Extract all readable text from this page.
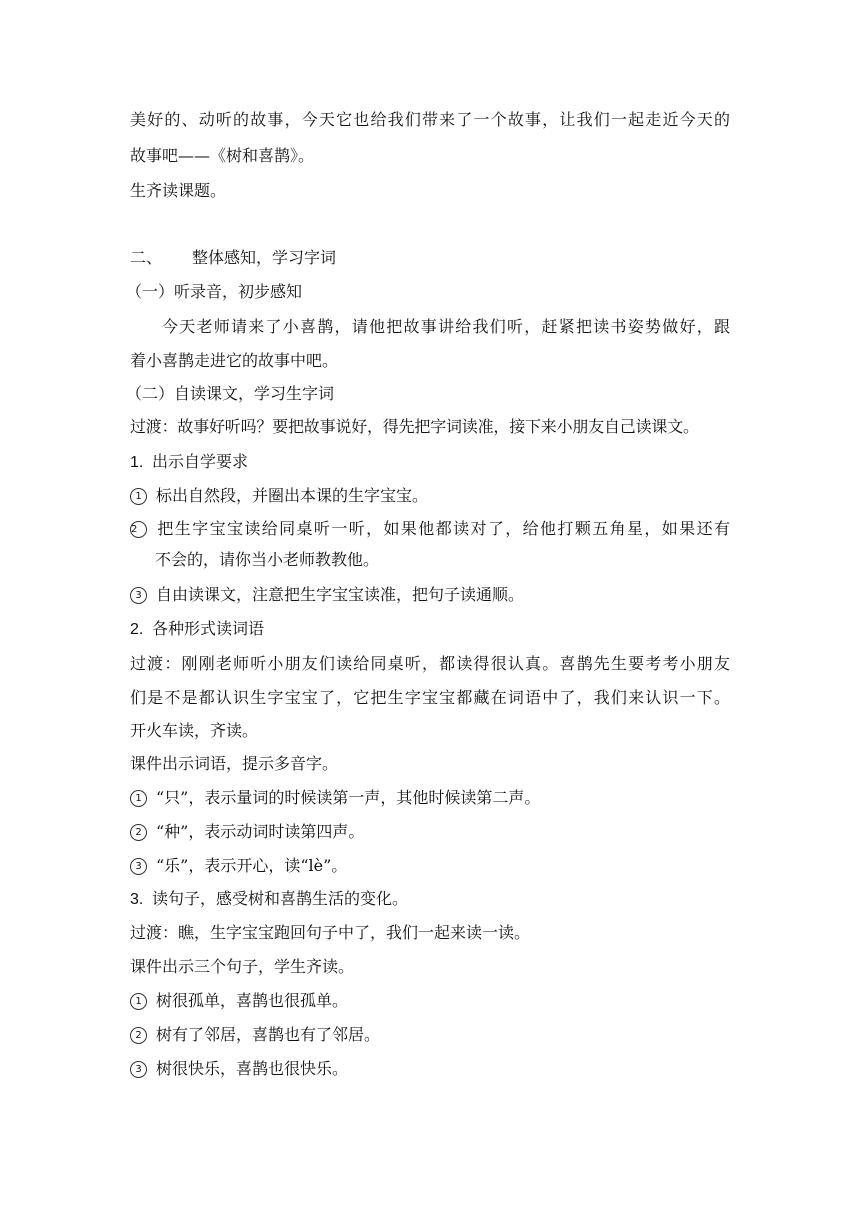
美好的、动听的故事，今天它也给我们带来了一个故事，让我们一起走近今天的
故事吧——《树和喜鹊》。
生齐读课题。
二、 整体感知，学习字词
（一）听录音，初步感知
今天老师请来了小喜鹊，请他把故事讲给我们听，赶紧把读书姿势做好，跟
着小喜鹊走进它的故事中吧。
（二）自读课文，学习生字词
过渡：故事好听吗？要把故事说好，得先把字词读准，接下来小朋友自己读课文。
1. 出示自学要求
1 标出自然段，并圈出本课的生字宝宝。
2 把生字宝宝读给同桌听一听，如果他都读对了，给他打颗五角星，如果还有
不会的，请你当小老师教教他。
3 自由读课文，注意把生字宝宝读准，把句子读通顺。
2. 各种形式读词语
过渡：刚刚老师听小朋友们读给同桌听，都读得很认真。喜鹊先生要考考小朋友
们是不是都认识生字宝宝了，它把生字宝宝都藏在词语中了，我们来认识一下。
开火车读，齐读。
课件出示词语，提示多音字。
1 “只”，表示量词的时候读第一声，其他时候读第二声。
2 “种”，表示动词时读第四声。
3 “乐”，表示开心，读“lè”。
3. 读句子，感受树和喜鹊生活的变化。
过渡：瞧，生字宝宝跑回句子中了，我们一起来读一读。
课件出示三个句子，学生齐读。
1 树很孤单，喜鹊也很孤单。
2 树有了邻居，喜鹊也有了邻居。
3 树很快乐，喜鹊也很快乐。
